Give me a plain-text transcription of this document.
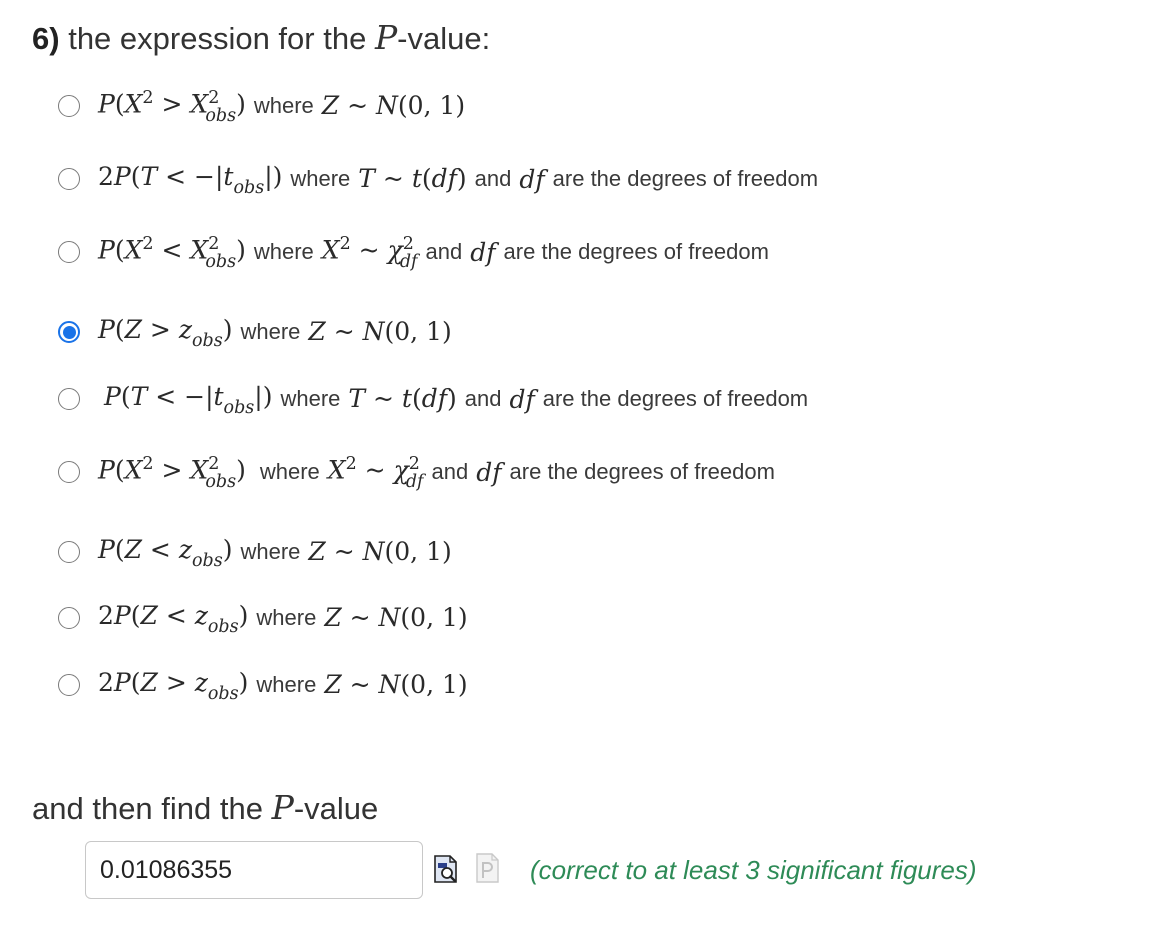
6) the expression for the P-value:
$P(X^2 > X^2_{obs})$ where Z ~ N(0, 1)
$2P(T < -|t_{obs}|)$ where T ~ t(df) and df are the degrees of freedom
$P(X^2 < X^2_{obs})$ where $X^2$ ~ $\chi^2_{df}$ and df are the degrees of freedom
$P(Z > z_{obs})$ where Z ~ N(0, 1)
$P(T < -|t_{obs}|)$ where T ~ t(df) and df are the degrees of freedom
$P(X^2 > X^2_{obs})$ where $X^2$ ~ $\chi^2_{df}$ and df are the degrees of freedom
$P(Z < z_{obs})$ where Z ~ N(0, 1)
$2P(Z < z_{obs})$ where Z ~ N(0, 1)
$2P(Z > z_{obs})$ where Z ~ N(0, 1)
and then find the P-value
0.01086355
(correct to at least 3 significant figures)
